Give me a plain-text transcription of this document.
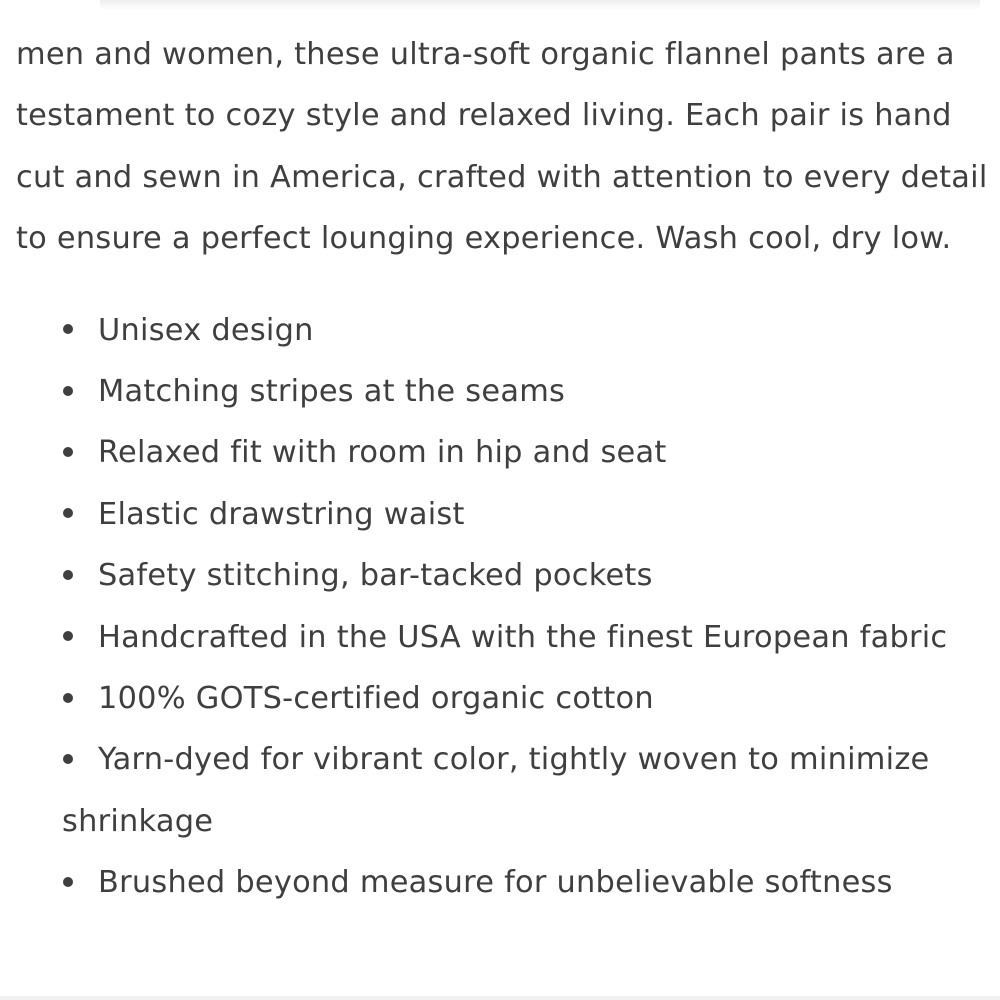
men and women, these ultra-soft organic flannel pants are a testament to cozy style and relaxed living. Each pair is hand cut and sewn in America, crafted with attention to every detail to ensure a perfect lounging experience. Wash cool, dry low.

Unisex design
Matching stripes at the seams
Relaxed fit with room in hip and seat
Elastic drawstring waist
Safety stitching, bar-tacked pockets
Handcrafted in the USA with the finest European fabric
100% GOTS-certified organic cotton
Yarn-dyed for vibrant color, tightly woven to minimize shrinkage
Brushed beyond measure for unbelievable softness
